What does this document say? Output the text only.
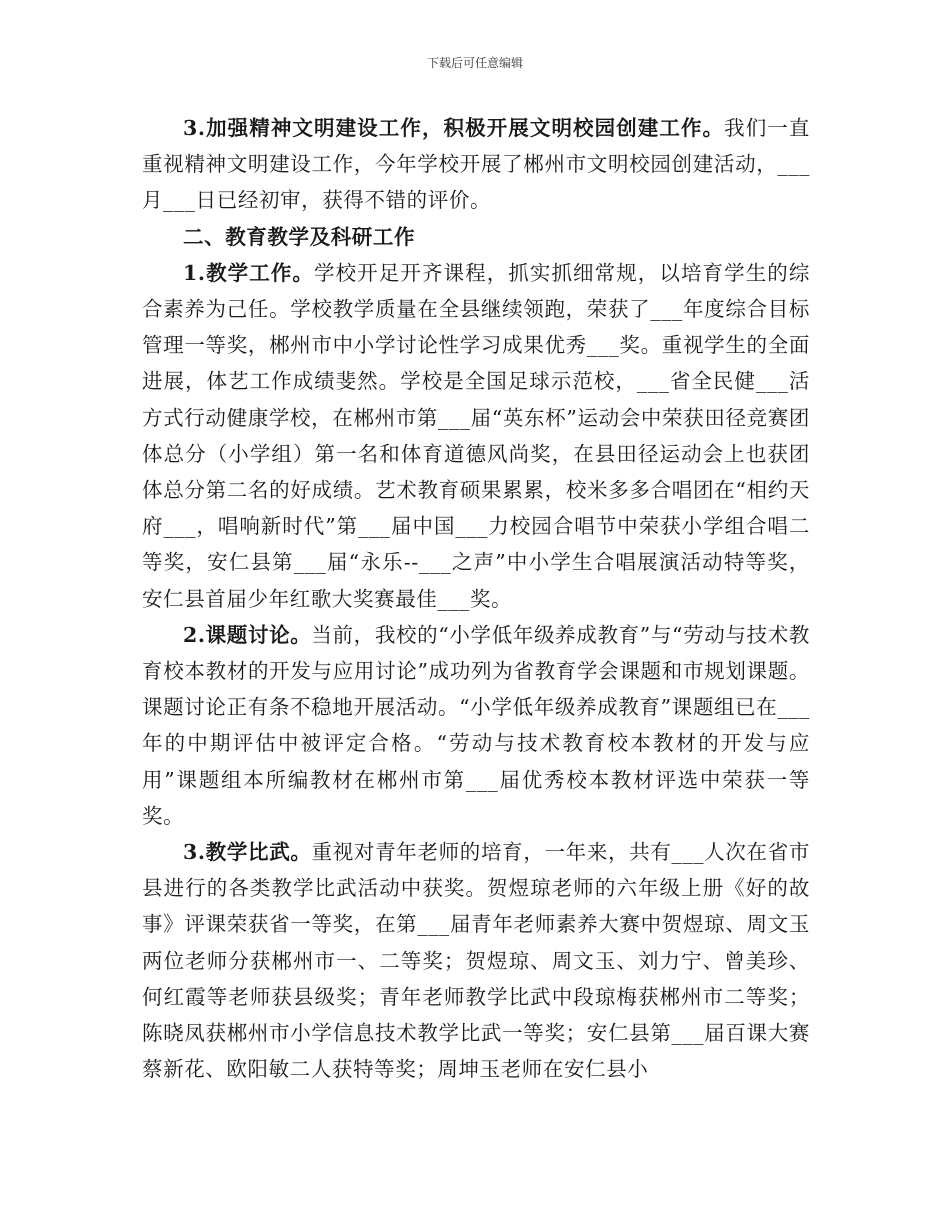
下载后可任意编辑

3.加强精神文明建设工作，积极开展文明校园创建工作。我们一直重视精神文明建设工作，今年学校开展了郴州市文明校园创建活动，___月___日已经初审，获得不错的评价。

二、教育教学及科研工作

1.教学工作。学校开足开齐课程，抓实抓细常规，以培育学生的综合素养为己任。学校教学质量在全县继续领跑，荣获了___年度综合目标管理一等奖，郴州市中小学讨论性学习成果优秀___奖。重视学生的全面进展，体艺工作成绩斐然。学校是全国足球示范校，___省全民健___活方式行动健康学校，在郴州市第___届“英东杯”运动会中荣获田径竞赛团体总分（小学组）第一名和体育道德风尚奖，在县田径运动会上也获团体总分第二名的好成绩。艺术教育硕果累累，校米多多合唱团在“相约天府___，唱响新时代”第___届中国___力校园合唱节中荣获小学组合唱二等奖，安仁县第___届“永乐--___之声”中小学生合唱展演活动特等奖，安仁县首届少年红歌大奖赛最佳___奖。

2.课题讨论。当前，我校的“小学低年级养成教育”与“劳动与技术教育校本教材的开发与应用讨论”成功列为省教育学会课题和市规划课题。课题讨论正有条不稳地开展活动。“小学低年级养成教育”课题组已在___年的中期评估中被评定合格。“劳动与技术教育校本教材的开发与应用”课题组本所编教材在郴州市第___届优秀校本教材评选中荣获一等奖。

3.教学比武。重视对青年老师的培育，一年来，共有___人次在省市县进行的各类教学比武活动中获奖。贺煜琼老师的六年级上册《好的故事》评课荣获省一等奖，在第___届青年老师素养大赛中贺煜琼、周文玉两位老师分获郴州市一、二等奖；贺煜琼、周文玉、刘力宁、曾美珍、何红霞等老师获县级奖；青年老师教学比武中段琼梅获郴州市二等奖；陈晓凤获郴州市小学信息技术教学比武一等奖；安仁县第___届百课大赛蔡新花、欧阳敏二人获特等奖；周坤玉老师在安仁县小
